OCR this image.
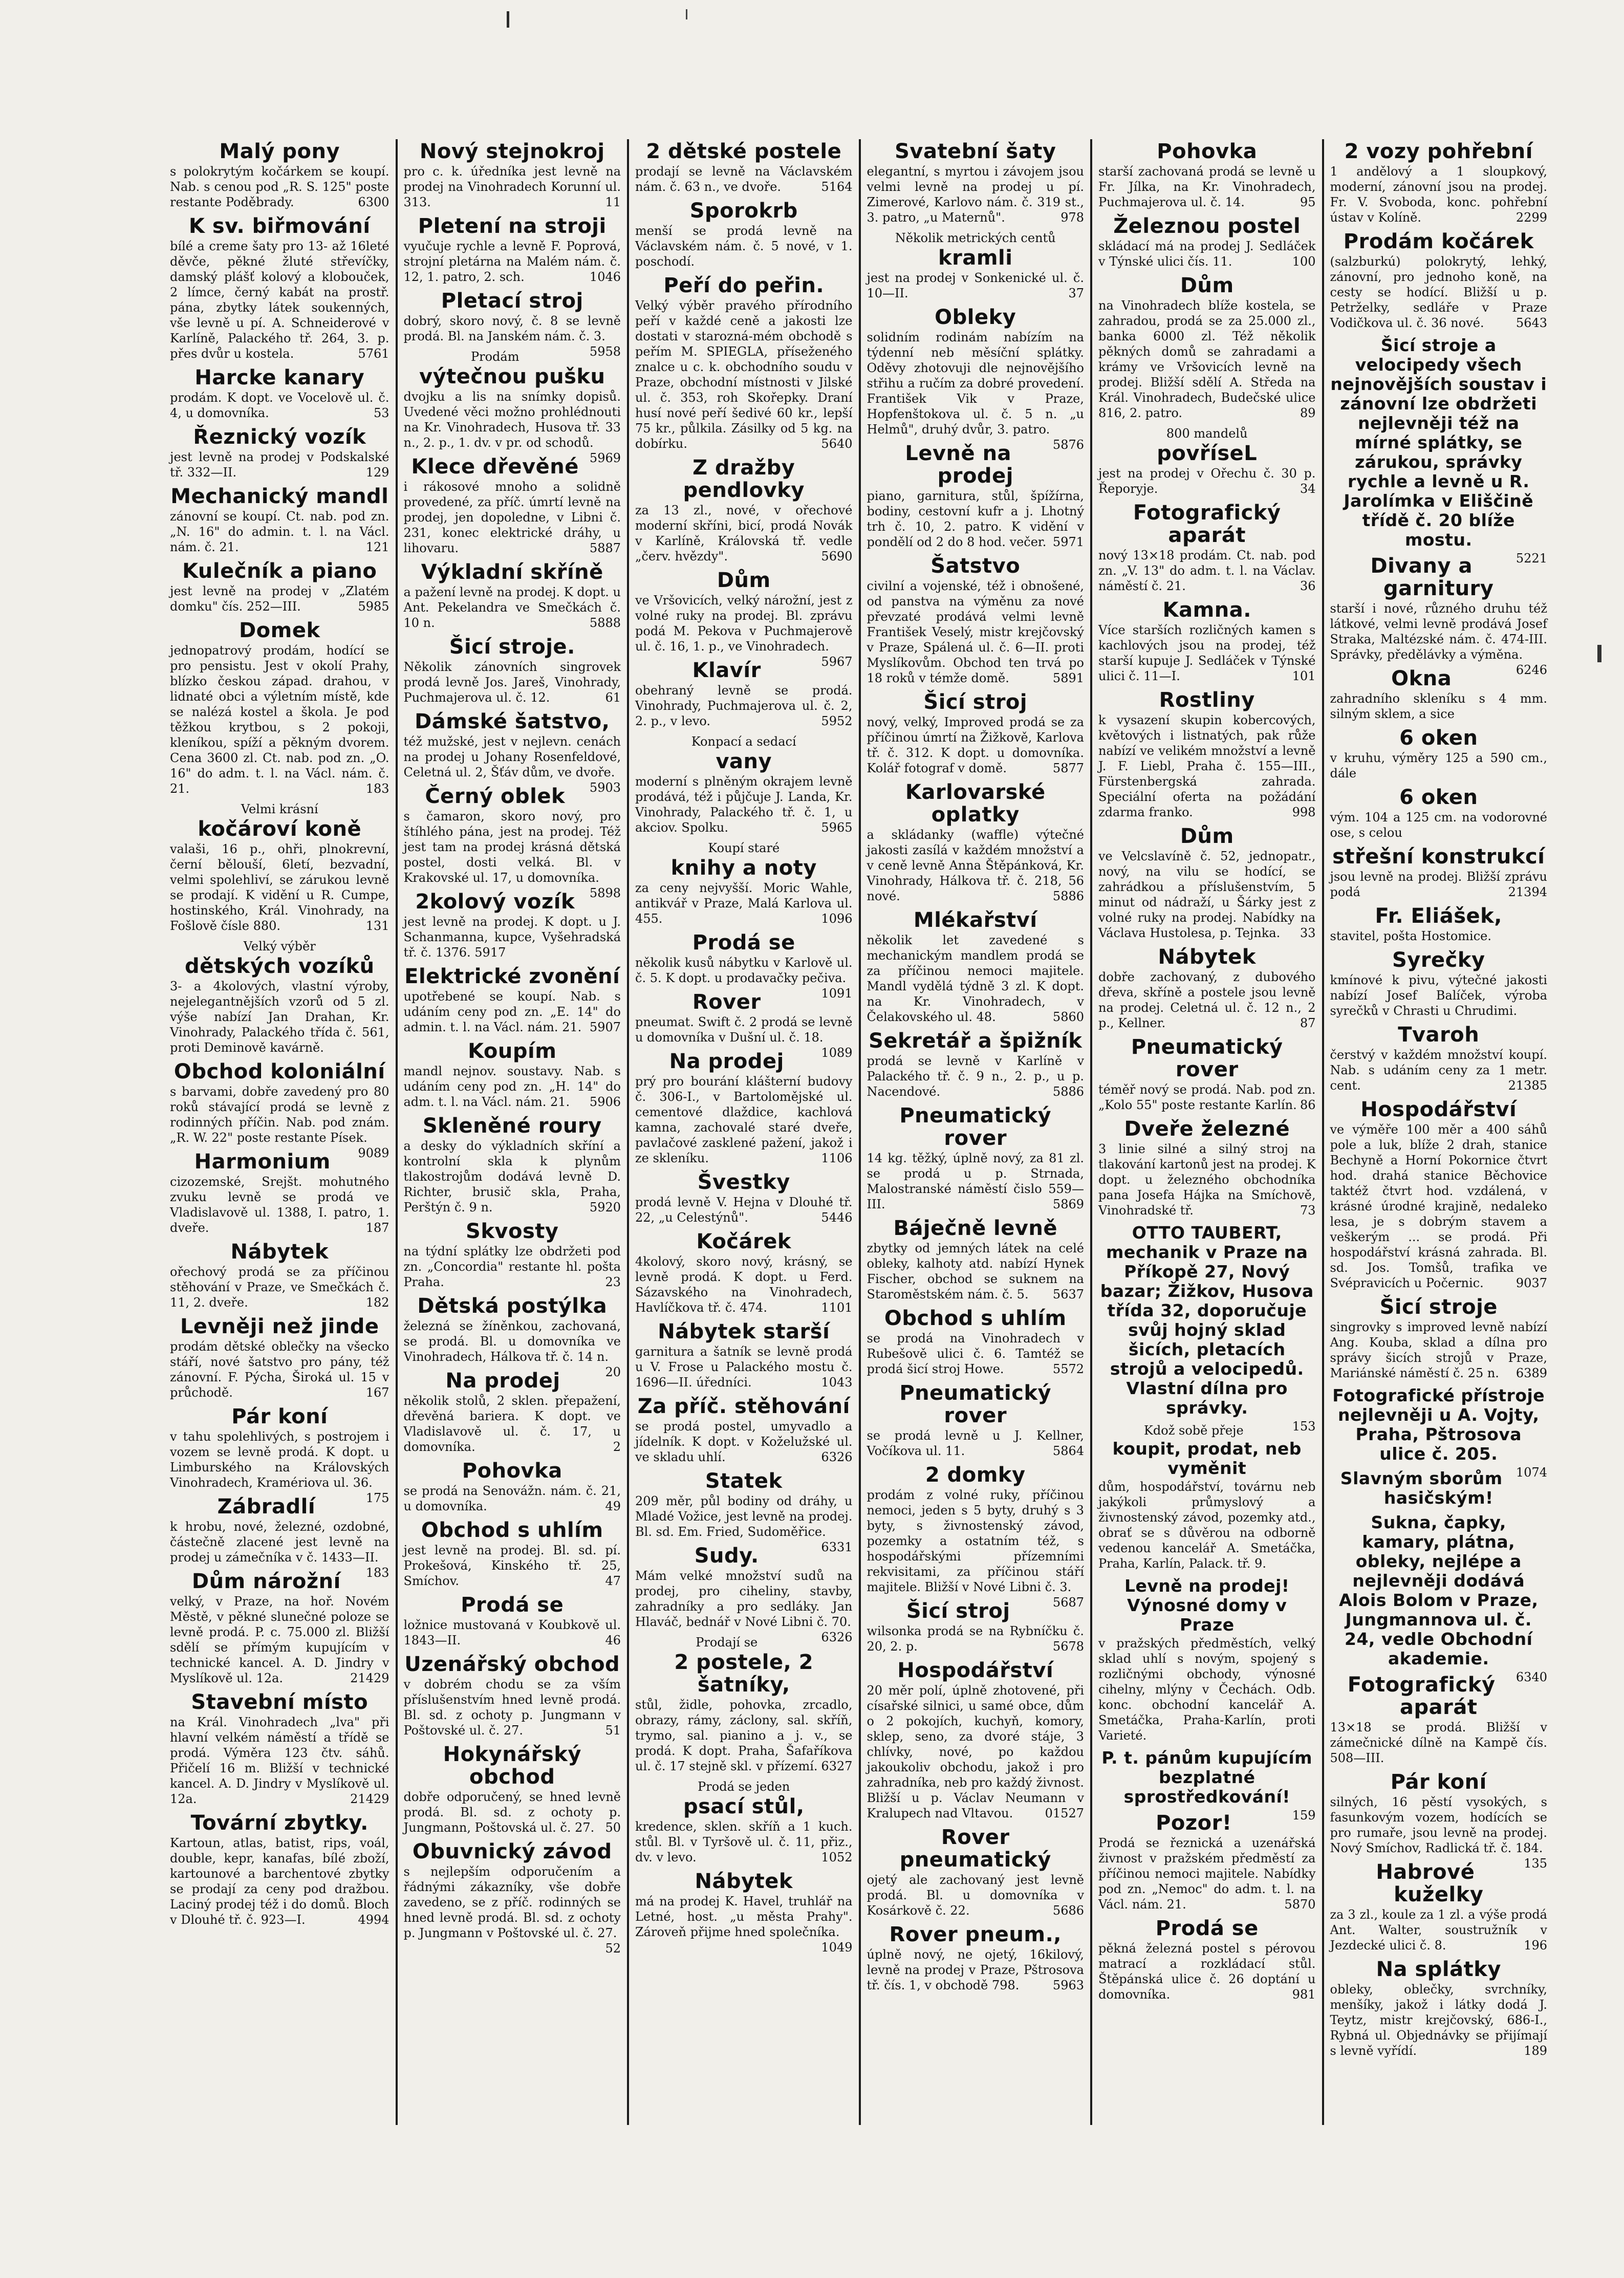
Malý pony
s polokrytým kočárkem se koupí. Nab. s cenou pod „R. S. 125" poste restante Poděbrady.	6300
K sv. biřmování
bílé a creme šaty pro 13- až 16leté děvče, pěkné žluté střevíčky, damský plášť kolový a klobouček, 2 límce, černý kabát na prostř. pána, zbytky látek soukenných, vše levně u pí. A. Schneiderové v Karlíně, Palackého tř. 264, 3. p. přes dvůr u kostela.	5761
Harcke kanary
prodám. K dopt. ve Vocelově ul. č. 4, u domovníka.	53
Řeznický vozík
jest levně na prodej v Podskalské tř. 332—II.	129
Mechanický mandl
zánovní se koupí. Ct. nab. pod zn. „N. 16" do admin. t. l. na Václ. nám. č. 21.	121
Kulečník a piano
jest levně na prodej v „Zlatém domku" čís. 252—III.	5985
Domek
jednopatrový prodám, hodící se pro pensistu. Jest v okolí Prahy, blízko českou západ. drahou, v lidnaté obci a výletním místě, kde se nalézá kostel a škola. Je pod těžkou krytbou, s 2 pokoji, kleníkou, spíží a pěkným dvorem. Cena 3600 zl. Ct. nab. pod zn. „O. 16" do adm. t. l. na Václ. nám. č. 21.	183
Velmi krásní
kočároví koně
valaši, 16 p., ohři, plnokrevní, černí bělouší, 6letí, bezvadní, velmi spolehliví, se zárukou levně se prodají. K vidění u R. Cumpe, hostinského, Král. Vinohrady, na Fošlově čísle 880.	131
Velký výběr
dětských vozíků
3- a 4kolových, vlastní výroby, nejelegantnějších vzorů od 5 zl. výše nabízí Jan Drahan, Kr. Vinohrady, Palackého třída č. 561, proti Deminově kavárně.
Obchod koloniální
s barvami, dobře zavedený pro 80 roků stávající prodá se levně z rodinných příčin. Nab. pod znám. „R. W. 22" poste restante Písek.
9089
Harmonium
cizozemské, Srejšt. mohutného zvuku levně se prodá ve Vladislavově ul. 1388, I. patro, 1. dveře.	187
Nábytek
ořechový prodá se za příčinou stěhování v Praze, ve Smečkách č. 11, 2. dveře.	182
Levněji než jinde
prodám dětské oblečky na všecko stáří, nové šatstvo pro pány, též zánovní. F. Pýcha, Široká ul. 15 v průchodě.	167
Pár koní
v tahu spolehlivých, s postrojem i vozem se levně prodá. K dopt. u Limburského na Královských Vinohradech, Kramériova ul. 36.
175
Zábradlí
k hrobu, nové, železné, ozdobné, částečně zlacené jest levně na prodej u zámečníka v č. 1433—II.
183
Dům nárožní
velký, v Praze, na hoř. Novém Městě, v pěkné slunečné poloze se levně prodá. P. c. 75.000 zl. Bližší sdělí se přímým kupujícím v technické kancel. A. D. Jindry v Myslíkově ul. 12a.	21429
Stavební místo
na Král. Vinohradech „lva" při hlavní velkém náměstí a třídě se prodá. Výměra 123 čtv. sáhů. Přičelí 16 m. Bližší v technické kancel. A. D. Jindry v Myslíkově ul. 12a.	21429
Tovární zbytky.
Kartoun, atlas, batist, rips, voál, double, kepr, kanafas, bílé zboží, kartounové a barchentové zbytky se prodají za ceny pod dražbou. Laciný prodej též i do domů. Bloch v Dlouhé tř. č. 923—I.	4994
Nový stejnokroj
pro c. k. úředníka jest levně na prodej na Vinohradech Korunní ul. 313.	11
Pletení na stroji
vyučuje rychle a levně F. Poprová, strojní pletárna na Malém nám. č. 12, 1. patro, 2. sch.	1046
Pletací stroj
dobrý, skoro nový, č. 8 se levně prodá. Bl. na Janském nám. č. 3.
5958
Prodám
výtečnou pušku
dvojku a lis na snímky dopisů. Uvedené věci možno prohlédnouti na Kr. Vinohradech, Husova tř. 33 n., 2. p., 1. dv. v pr. od schodů.
5969
Klece dřevěné
i rákosové mnoho a solidně provedené, za příč. úmrtí levně na prodej, jen dopoledne, v Libni č. 231, konec elektrické dráhy, u lihovaru.	5887
Výkladní skříně
a pažení levně na prodej. K dopt. u Ant. Pekelandra ve Smečkách č. 10 n.	5888
Šicí stroje.
Několik zánovních singrovek prodá levně Jos. Jareš, Vinohrady, Puchmajerova ul. č. 12.	61
Dámské šatstvo,
též mužské, jest v nejlevn. cenách na prodej u Johany Rosenfeldové, Celetná ul. 2, Šťáv dům, ve dvoře.
5903
Černý oblek
s čamaron, skoro nový, pro štíhlého pána, jest na prodej. Též jest tam na prodej krásná dětská postel, dosti velká. Bl. v Krakovské ul. 17, u domovníka.
5898
2kolový vozík
jest levně na prodej. K dopt. u J. Schanmanna, kupce, Vyšehradská tř. č. 1376. 5917
Elektrické zvonění
upotřebené se koupí. Nab. s udáním ceny pod zn. „E. 14" do admin. t. l. na Václ. nám. 21. 5907
Koupím
mandl nejnov. soustavy. Nab. s udáním ceny pod zn. „H. 14" do adm. t. l. na Václ. nám. 21. 5906
Skleněné roury
a desky do výkladních skříní a kontrolní skla k plynům tlakostrojům dodává levně D. Richter, brusič skla, Praha, Perštýn č. 9 n.	5920
Skvosty
na týdní splátky lze obdržeti pod zn. „Concordia" restante hl. pošta Praha.	23
Dětská postýlka
železná se žíněnkou, zachovaná, se prodá. Bl. u domovníka ve Vinohradech, Hálkova tř. č. 14 n.
20
Na prodej
několik stolů, 2 sklen. přepažení, dřevěná bariera. K dopt. ve Vladislavově ul. č. 17, u domovníka.	2
Pohovka
se prodá na Senovážn. nám. č. 21, u domovníka.	49
Obchod s uhlím
jest levně na prodej. Bl. sd. pí. Prokešová, Kinského tř. 25, Smíchov.	47
Prodá se
ložnice mustovaná v Koubkově ul. 1843—II.	46
Uzenářský obchod
v dobrém chodu se za vším příslušenstvím hned levně prodá. Bl. sd. z ochoty p. Jungmann v Poštovské ul. č. 27.	51
Hokynářský obchod
dobře odporučený, se hned levně prodá. Bl. sd. z ochoty p. Jungmann, Poštovská ul. č. 27. 50
Obuvnický závod
s nejlepším odporučením a řádnými zákazníky, vše dobře zavedeno, se z příč. rodinných se hned levně prodá. Bl. sd. z ochoty p. Jungmann v Poštovské ul. č. 27.
52
2 dětské postele
prodají se levně na Václavském nám. č. 63 n., ve dvoře.	5164
Sporokrb
menší se prodá levně na Václavském nám. č. 5 nové, v 1. poschodí.
Peří do peřin.
Velký výběr pravého přírodního peří v každé ceně a jakosti lze dostati v starozná-mém obchodě s peřím M. SPIEGLA, příseženého znalce u c. k. obchodního soudu v Praze, obchodní místnosti v Jilské ul. č. 353, roh Skořepky. Draní husí nové peří šedivé 60 kr., lepší 75 kr., půlkila. Zásilky od 5 kg. na dobírku.	5640
Z dražby pendlovky
za 13 zl., nové, v ořechové moderní skříni, bicí, prodá Novák v Karlíně, Královská tř. vedle „červ. hvězdy".	5690
Dům
ve Vršovicích, velký nárožní, jest z volné ruky na prodej. Bl. zprávu podá M. Pekova v Puchmajerově ul. č. 16, 1. p., ve Vinohradech.
5967
Klavír
obehraný levně se prodá. Vinohrady, Puchmajerova ul. č. 2, 2. p., v levo.	5952
Konpací a sedací
vany
moderní s plněným okrajem levně prodává, též i půjčuje J. Landa, Kr. Vinohrady, Palackého tř. č. 1, u akciov. Spolku.	5965
Koupí staré
knihy a noty
za ceny nejvyšší. Moric Wahle, antikvář v Praze, Malá Karlova ul. 455.	1096
Prodá se
několik kusů nábytku v Karlově ul. č. 5. K dopt. u prodavačky pečiva.
1091
Rover
pneumat. Swift č. 2 prodá se levně u domovníka v Dušní ul. č. 18.
1089
Na prodej
prý pro bourání klášterní budovy č. 306-I., v Bartolomějské ul. cementové dlaždice, kachlová kamna, zachovalé staré dveře, pavlačové zasklené pažení, jakož i ze skleníku.	1106
Švestky
prodá levně V. Hejna v Dlouhé tř. 22, „u Celestýnů".	5446
Kočárek
4kolový, skoro nový, krásný, se levně prodá. K dopt. u Ferd. Sázavského na Vinohradech, Havlíčkova tř. č. 474.	1101
Nábytek starší
garnitura a šatník se levně prodá u V. Frose u Palackého mostu č. 1696—II. úředníci.	1043
Za příč. stěhování
se prodá postel, umyvadlo a jídelník. K dopt. v Koželužské ul. ve skladu uhlí.	6326
Statek
209 měr, půl bodiny od dráhy, u Mladé Vožice, jest levně na prodej. Bl. sd. Em. Fried, Sudoměřice.
6331
Sudy.
Mám velké množství sudů na prodej, pro ciheliny, stavby, zahradníky a pro sedláky. Jan Hlaváč, bednář v Nové Libni č. 70.
6326
Prodají se
2 postele, 2 šatníky,
stůl, židle, pohovka, zrcadlo, obrazy, rámy, záclony, sal. skříň, trymo, sal. pianino a j. v., se prodá. K dopt. Praha, Šafaříkova ul. č. 17 stejně skl. v přízemí. 6327
Prodá se jeden
psací stůl,
kredence, sklen. skříň a 1 kuch. stůl. Bl. v Tyršově ul. č. 11, přiz., dv. v levo.	1052
Nábytek
má na prodej K. Havel, truhlář na Letné, host. „u města Prahy". Zároveň přijme hned společníka.
1049
Svatební šaty
elegantní, s myrtou i závojem jsou velmi levně na prodej u pí. Zimerové, Karlovo nám. č. 319 st., 3. patro, „u Maternů".	978
Několik metrických centů
kramli
jest na prodej v Sonkenické ul. č. 10—II.	37
Obleky
solidním rodinám nabízím na týdenní neb měsíční splátky. Oděvy zhotovuji dle nejnovějšího střihu a ručím za dobré provedení. František Vik v Praze, Hopfenštokova ul. č. 5 n. „u Helmů", druhý dvůr, 3. patro.
5876
Levně na prodej
piano, garnitura, stůl, špížírna, bodiny, cestovní kufr a j. Lhotný trh č. 10, 2. patro. K vidění v pondělí od 2 do 8 hod. večer. 5971
Šatstvo
civilní a vojenské, též i obnošené, od panstva na výměnu za nové převzaté prodává velmi levně František Veselý, mistr krejčovský v Praze, Spálená ul. č. 6—II. proti Myslíkovům. Obchod ten trvá po 18 roků v témže domě.	5891
Šicí stroj
nový, velký, Improved prodá se za příčinou úmrtí na Žižkově, Karlova tř. č. 312. K dopt. u domovníka. Kolář fotograf v domě.	5877
Karlovarské oplatky
a skládanky (waffle) výtečné jakosti zasílá v každém množství a v ceně levně Anna Štěpánková, Kr. Vinohrady, Hálkova tř. č. 218, 56 nové.	5886
Mlékařství
několik let zavedené s mechanickým mandlem prodá se za příčinou nemoci majitele. Mandl vydělá týdně 3 zl. K dopt. na Kr. Vinohradech, v Čelakovského ul. 48.	5860
Sekretář a špižník
prodá se levně v Karlíně v Palackého tř. č. 9 n., 2. p., u p. Nacendové.	5886
Pneumatický rover
14 kg. těžký, úplně nový, za 81 zl. se prodá u p. Strnada, Malostranské náměstí čislo 559—III.	5869
Báječně levně
zbytky od jemných látek na celé obleky, kalhoty atd. nabízí Hynek Fischer, obchod se suknem na Staroměstském nám. č. 5. 5637
Obchod s uhlím
se prodá na Vinohradech v Rubešově ulici č. 6. Tamtéž se prodá šicí stroj Howe.	5572
Pneumatický rover
se prodá levně u J. Kellner, Vočíkova ul. 11.	5864
2 domky
prodám z volné ruky, příčinou nemoci, jeden s 5 byty, druhý s 3 byty, s živnostenský závod, pozemky a ostatním též, s hospodářskými přízemními rekvisitami, za příčinou stáří majitele. Bližší v Nové Libni č. 3.
5687
Šicí stroj
wilsonka prodá se na Rybníčku č. 20, 2. p.	5678
Hospodářství
20 měr polí, úplně zhotovené, při císařské silnici, u samé obce, dům o 2 pokojích, kuchyň, komory, sklep, seno, za dvoré stáje, 3 chlívky, nové, po každou jakoukoliv obchodu, jakož i pro zahradníka, neb pro každý živnost. Bližší u p. Václav Neumann v Kralupech nad Vltavou.	01527
Rover pneumatický
ojetý ale zachovaný jest levně prodá. Bl. u domovníka v Kosárkově č. 22.	5686
Rover pneum.,
úplně nový, ne ojetý, 16kilový, levně na prodej v Praze, Pštrosova tř. čís. 1, v obchodě 798.	5963
Pohovka
starší zachovaná prodá se levně u Fr. Jílka, na Kr. Vinohradech, Puchmajerova ul. č. 14.	95
Železnou postel
skládací má na prodej J. Sedláček v Týnské ulici čís. 11.	100
Dům
na Vinohradech blíže kostela, se zahradou, prodá se za 25.000 zl., banka 6000 zl. Též několik pěkných domů se zahradami a krámy ve Vršovicích levně na prodej. Bližší sdělí A. Středa na Král. Vinohradech, Budečské ulice 816, 2. patro.	89
800 mandelů
povříseL
jest na prodej v Ořechu č. 30 p. Řeporyje.	34
Fotografický aparát
nový 13×18 prodám. Ct. nab. pod zn. „V. 13" do adm. t. l. na Václav. náměstí č. 21.	36
Kamna.
Více starších rozličných kamen s kachlových jsou na prodej, též starší kupuje J. Sedláček v Týnské ulici č. 11—I.	101
Rostliny
k vysazení skupin kobercových, květových i listnatých, pak růže nabízí ve velikém množství a levně J. F. Liebl, Praha č. 155—III., Fürstenbergská zahrada. Speciální oferta na požádání zdarma franko.	998
Dům
ve Velcslavíně č. 52, jednopatr., nový, na vilu se hodící, se zahrádkou a příslušenstvím, 5 minut od nádraží, u Šárky jest z volné ruky na prodej. Nabídky na Václava Hustolesa, p. Tejnka. 33
Nábytek
dobře zachovaný, z dubového dřeva, skříně a postele jsou levně na prodej. Celetná ul. č. 12 n., 2 p., Kellner.	87
Pneumatický rover
téměř nový se prodá. Nab. pod zn. „Kolo 55" poste restante Karlín. 86
Dveře železné
3 linie silné a silný stroj na tlakování kartonů jest na prodej. K dopt. u železného obchodníka pana Josefa Hájka na Smíchově, Vinohradské tř.	73
OTTO TAUBERT, mechanik v Praze na Příkopě 27, Nový bazar; Žižkov, Husova třída 32, doporučuje svůj hojný sklad šicích, pletacích strojů a velocipedů. Vlastní dílna pro správky.
153
Kdož sobě přeje
koupit, prodat, neb vyměnit
dům, hospodářství, továrnu neb jakýkoli průmyslový a živnostenský závod, pozemky atd., obrať se s důvěrou na odborně vedenou kancelář A. Smetáčka, Praha, Karlín, Palack. tř. 9.
Levně na prodej! Výnosné domy v Praze
v pražských předměstích, velký sklad uhlí s novým, spojený s rozličnými obchody, výnosné cihelny, mlýny v Čechách. Odb. konc. obchodní kancelář A. Smetáčka, Praha-Karlín, proti Varieté.
P. t. pánům kupujícím bezplatné sprostředkování!
159
Pozor!
Prodá se řeznická a uzenářská živnost v pražském předměstí za příčinou nemoci majitele. Nabídky pod zn. „Nemoc" do adm. t. l. na Václ. nám. 21.	5870
Prodá se
pěkná železná postel s pérovou matrací a rozkládací stůl. Štěpánská ulice č. 26 doptání u domovníka.	981
2 vozy pohřební
1 andělový a 1 sloupkový, moderní, zánovní jsou na prodej. Fr. V. Svoboda, konc. pohřební ústav v Kolíně.	2299
Prodám kočárek
(salzburkú) polokrytý, lehký, zánovní, pro jednoho koně, na cesty se hodící. Bližší u p. Petrželky, sedláře v Praze Vodičkova ul. č. 36 nové.	5643
Šicí stroje a velocipedy všech nejnovějších soustav i zánovní lze obdržeti nejlevněji též na mírné splátky, se zárukou, správky rychle a levně u R. Jarolímka v Eliščině třídě č. 20 blíže mostu.
5221
Divany a garnitury
starší i nové, různého druhu též látkové, velmi levně prodává Josef Straka, Maltézské nám. č. 474-III. Správky, předělávky a výměna.
6246
Okna
zahradního skleníku s 4 mm. silným sklem, a sice
6 oken
v kruhu, výměry 125 a 590 cm., dále
6 oken
vým. 104 a 125 cm. na vodorovné ose, s celou
střešní konstrukcí
jsou levně na prodej. Bližší zprávu podá	21394
Fr. Eliášek,
stavitel, pošta Hostomice.
Syrečky
kmínové k pivu, výtečné jakosti nabízí Josef Balíček, výroba syrečků v Chrasti u Chrudimi.
Tvaroh
čerstvý v každém množství koupí. Nab. s udáním ceny za 1 metr. cent.	21385
Hospodářství
ve výměře 100 měr a 400 sáhů pole a luk, blíže 2 drah, stanice Bechyně a Horní Pokornice čtvrt hod. drahá stanice Běchovice taktéž čtvrt hod. vzdálená, v krásné úrodné krajině, nedaleko lesa, je s dobrým stavem a veškerým ... se prodá. Při hospodářství krásná zahrada. Bl. sd. Jos. Tomšů, trafika ve Svépravicích u Počernic.	9037
Šicí stroje
singrovky s improved levně nabízí Ang. Kouba, sklad a dílna pro správy šicích strojů v Praze, Mariánské náměstí č. 25 n. 6389
Fotografické přístroje nejlevněji u A. Vojty, Praha, Pštrosova ulice č. 205.
1074
Slavným sborům hasičským!
Sukna, čapky, kamary, plátna, obleky, nejlépe a nejlevněji dodává Alois Bolom v Praze, Jungmannova ul. č. 24, vedle Obchodní akademie.
6340
Fotografický aparát
13×18 se prodá. Bližší v zámečnické dílně na Kampě čís. 508—III.
Pár koní
silných, 16 pěstí vysokých, s fasunkovým vozem, hodících se pro rumaře, jsou levně na prodej. Nový Smíchov, Radlická tř. č. 184.
135
Habrové kuželky
za 3 zl., koule za 1 zl. a výše prodá Ant. Walter, soustružník v Jezdecké ulici č. 8.	196
Na splátky
obleky, oblečky, svrchníky, menšíky, jakož i látky dodá J. Teytz, mistr krejčovský, 686-I., Rybná ul. Objednávky se přijímají s levně vyřídí.	189
